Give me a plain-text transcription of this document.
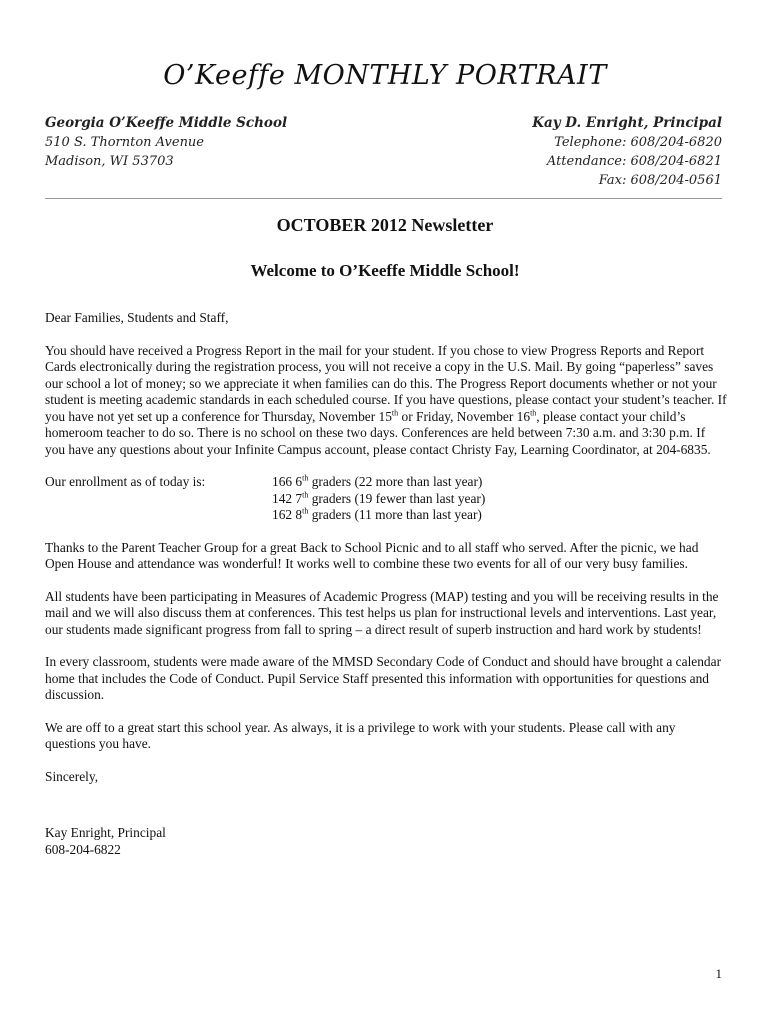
O’Keeffe MONTHLY PORTRAIT
Georgia O’Keeffe Middle School
510 S. Thornton Avenue
Madison, WI 53703
Kay D. Enright, Principal
Telephone: 608/204-6820
Attendance: 608/204-6821
Fax: 608/204-0561
OCTOBER 2012 Newsletter
Welcome to O’Keeffe Middle School!

Dear Families, Students and Staff,

You should have received a Progress Report in the mail for your student. If you chose to view Progress Reports and Report Cards electronically during the registration process, you will not receive a copy in the U.S. Mail. By going “paperless” saves our school a lot of money; so we appreciate it when families can do this. The Progress Report documents whether or not your student is meeting academic standards in each scheduled course. If you have questions, please contact your student’s teacher. If you have not yet set up a conference for Thursday, November 15th or Friday, November 16th, please contact your child’s homeroom teacher to do so. There is no school on these two days. Conferences are held between 7:30 a.m. and 3:30 p.m. If you have any questions about your Infinite Campus account, please contact Christy Fay, Learning Coordinator, at 204-6835.

Our enrollment as of today is:	166 6th graders (22 more than last year)
142 7th graders (19 fewer than last year)
162 8th graders (11 more than last year)

Thanks to the Parent Teacher Group for a great Back to School Picnic and to all staff who served. After the picnic, we had Open House and attendance was wonderful! It works well to combine these two events for all of our very busy families.

All students have been participating in Measures of Academic Progress (MAP) testing and you will be receiving results in the mail and we will also discuss them at conferences. This test helps us plan for instructional levels and interventions. Last year, our students made significant progress from fall to spring – a direct result of superb instruction and hard work by students!

In every classroom, students were made aware of the MMSD Secondary Code of Conduct and should have brought a calendar home that includes the Code of Conduct. Pupil Service Staff presented this information with opportunities for questions and discussion.

We are off to a great start this school year. As always, it is a privilege to work with your students. Please call with any questions you have.

Sincerely,

Kay Enright, Principal
608-204-6822
1
